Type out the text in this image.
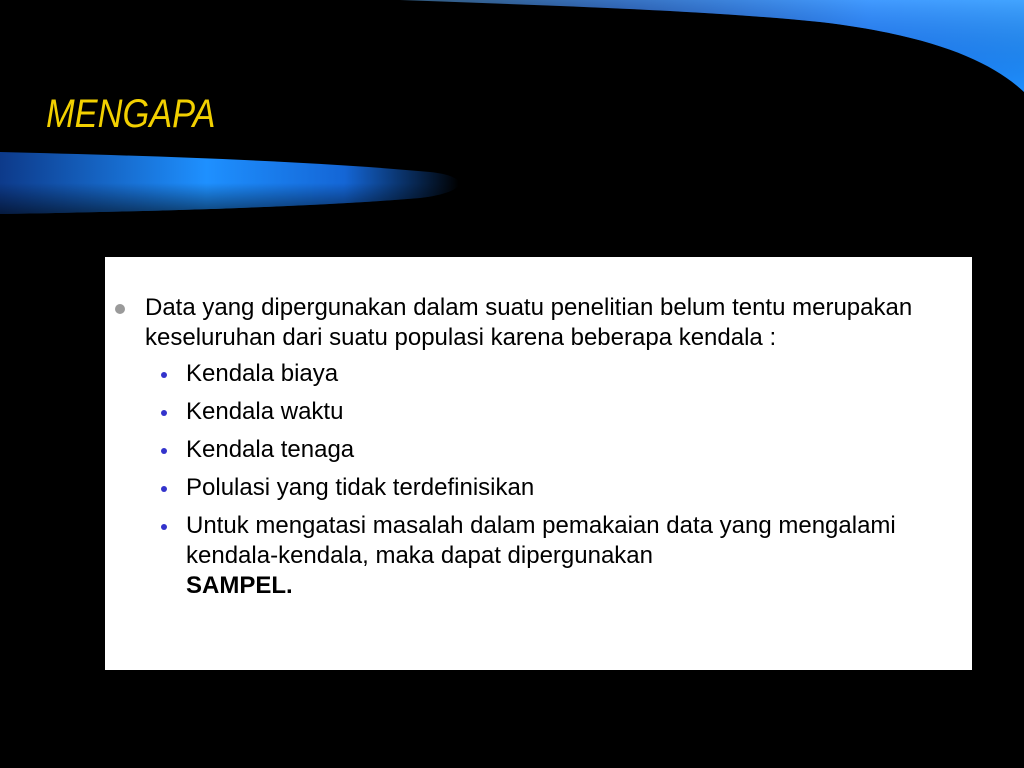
MENGAPA
Data yang dipergunakan dalam suatu penelitian belum tentu merupakan keseluruhan dari suatu populasi karena beberapa kendala :
Kendala biaya
Kendala waktu
Kendala tenaga
Polulasi yang tidak terdefinisikan
Untuk mengatasi masalah dalam pemakaian data yang mengalami kendala-kendala, maka dapat dipergunakan
SAMPEL.
